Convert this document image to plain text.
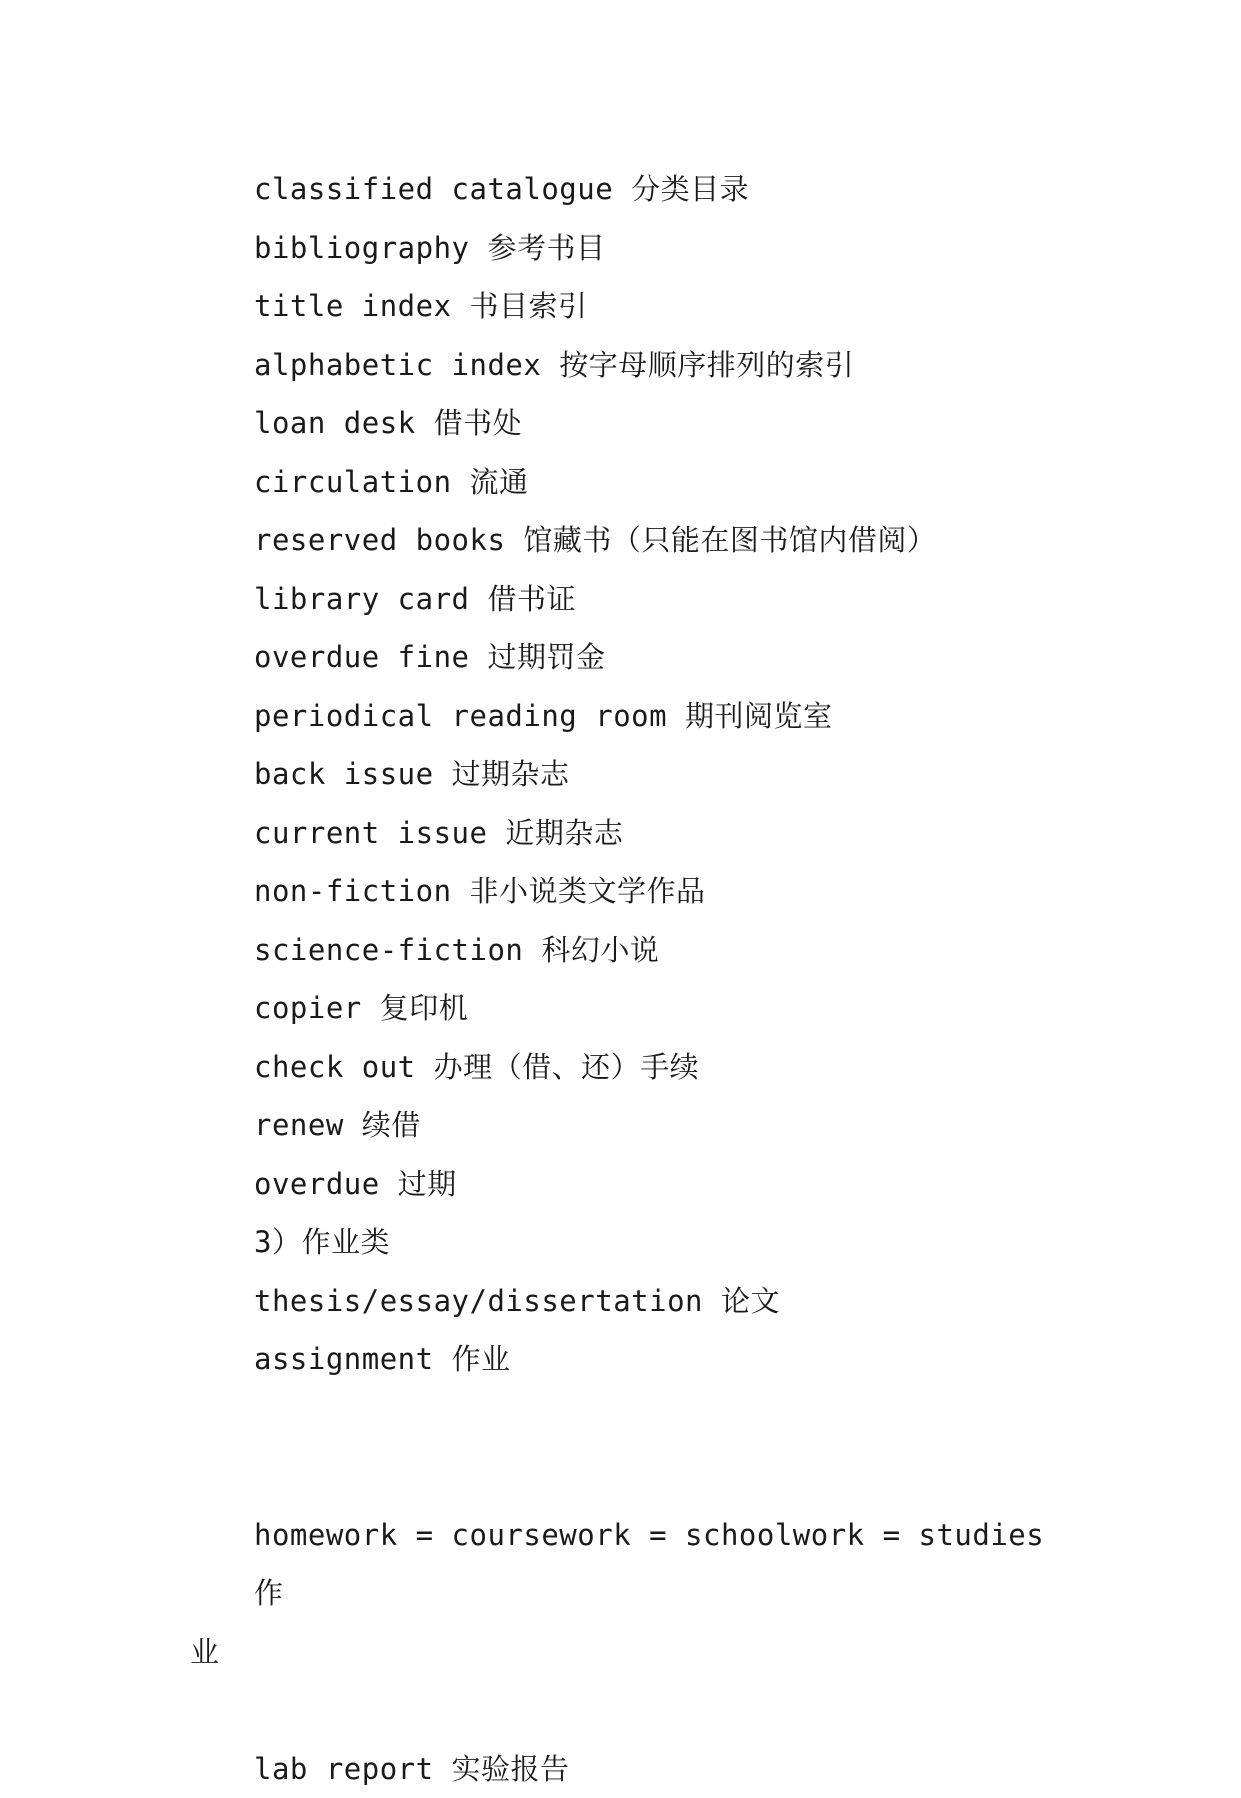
classified catalogue 分类目录
bibliography 参考书目
title index 书目索引
alphabetic index 按字母顺序排列的索引
loan desk 借书处
circulation 流通
reserved books 馆藏书（只能在图书馆内借阅）
library card 借书证
overdue fine 过期罚金
periodical reading room 期刊阅览室
back issue 过期杂志
current issue 近期杂志
non-fiction 非小说类文学作品
science-fiction 科幻小说
copier 复印机
check out 办理（借、还）手续
renew 续借
overdue 过期
3）作业类
thesis/essay/dissertation 论文
assignment 作业

homework = coursework = schoolwork = studies 作
业

lab report 实验报告
